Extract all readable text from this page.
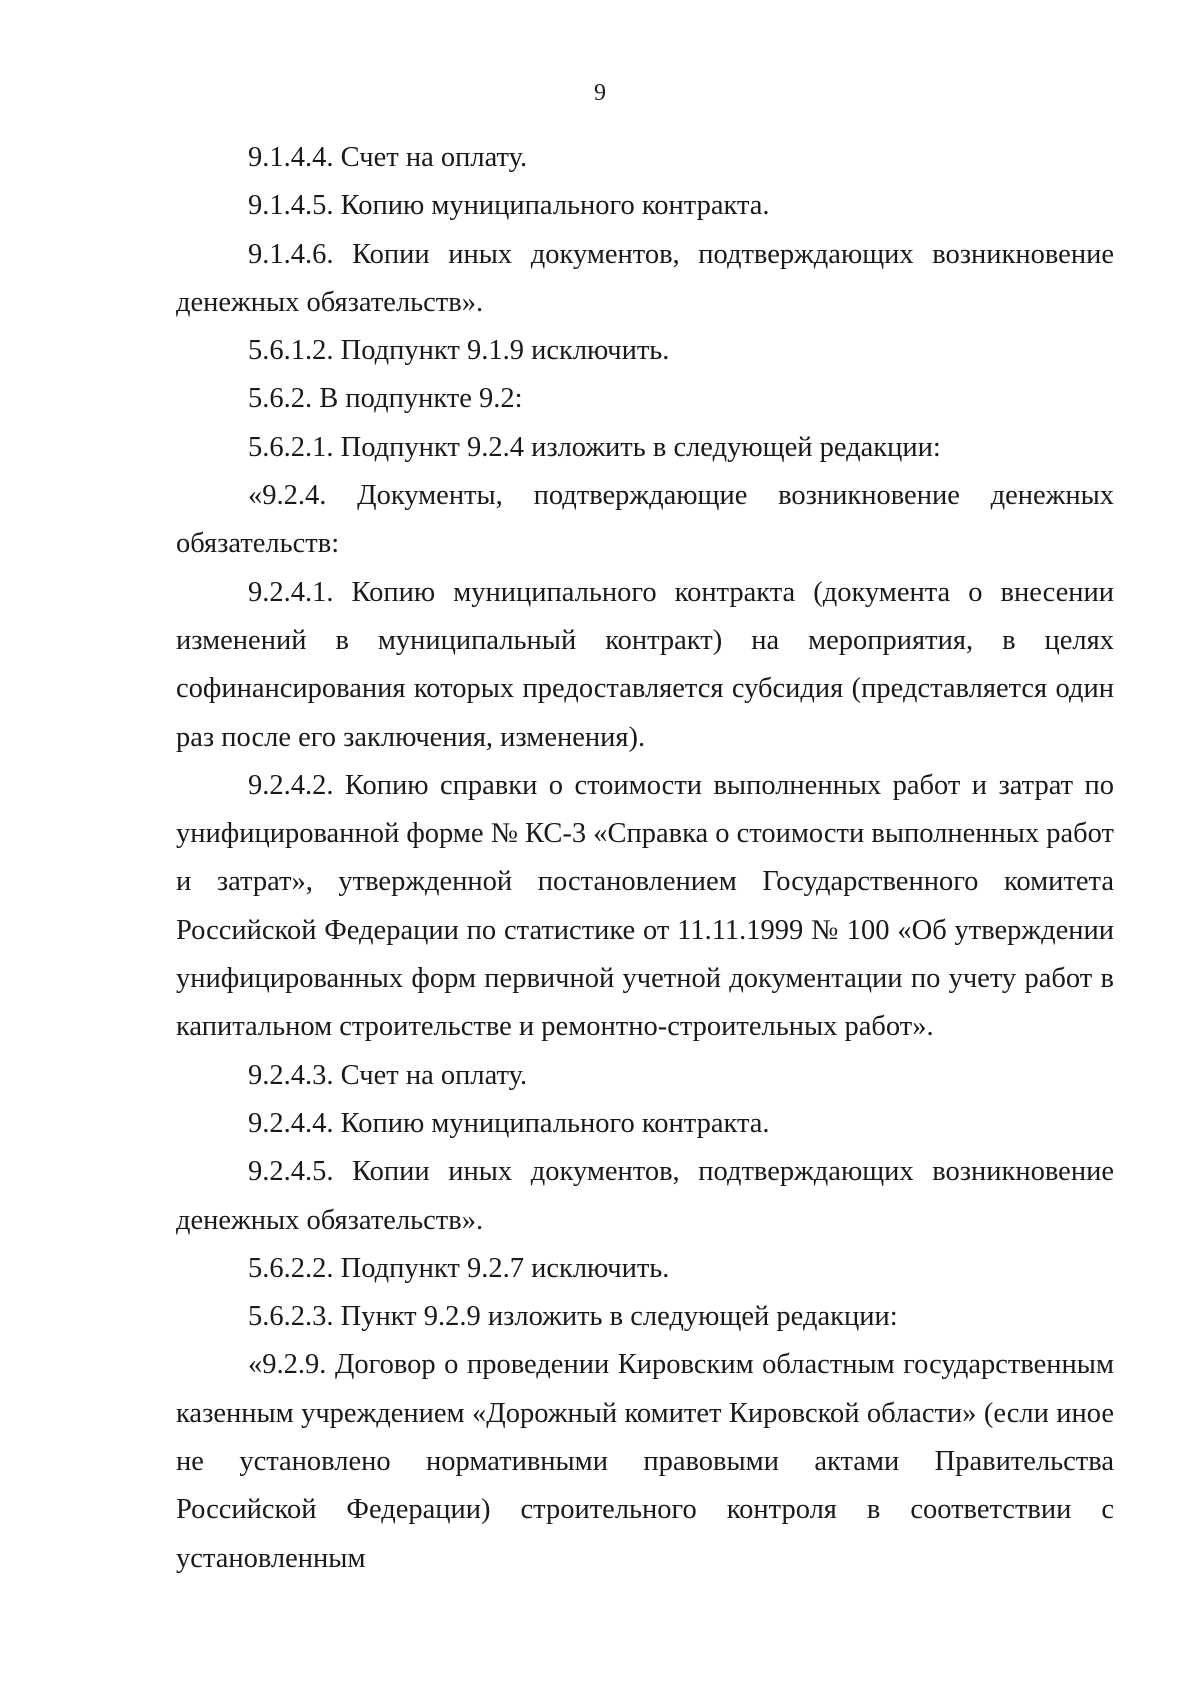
9

9.1.4.4. Счет на оплату.

9.1.4.5. Копию муниципального контракта.

9.1.4.6. Копии иных документов, подтверждающих возникновение денежных обязательств».

5.6.1.2. Подпункт 9.1.9 исключить.

5.6.2. В подпункте 9.2:

5.6.2.1. Подпункт 9.2.4 изложить в следующей редакции:

«9.2.4. Документы, подтверждающие возникновение денежных обязательств:

9.2.4.1. Копию муниципального контракта (документа о внесении изменений в муниципальный контракт) на мероприятия, в целях софинансирования которых предоставляется субсидия (представляется один раз после его заключения, изменения).

9.2.4.2. Копию справки о стоимости выполненных работ и затрат по унифицированной форме № КС-3 «Справка о стоимости выполненных работ и затрат», утвержденной постановлением Государственного комитета Российской Федерации по статистике от 11.11.1999 № 100 «Об утверждении унифицированных форм первичной учетной документации по учету работ в капитальном строительстве и ремонтно-строительных работ».

9.2.4.3. Счет на оплату.

9.2.4.4. Копию муниципального контракта.

9.2.4.5. Копии иных документов, подтверждающих возникновение денежных обязательств».

5.6.2.2. Подпункт 9.2.7 исключить.

5.6.2.3. Пункт 9.2.9 изложить в следующей редакции:

«9.2.9. Договор о проведении Кировским областным государственным казенным учреждением «Дорожный комитет Кировской области» (если иное не установлено нормативными правовыми актами Правительства Российской Федерации) строительного контроля в соответствии с установленным
